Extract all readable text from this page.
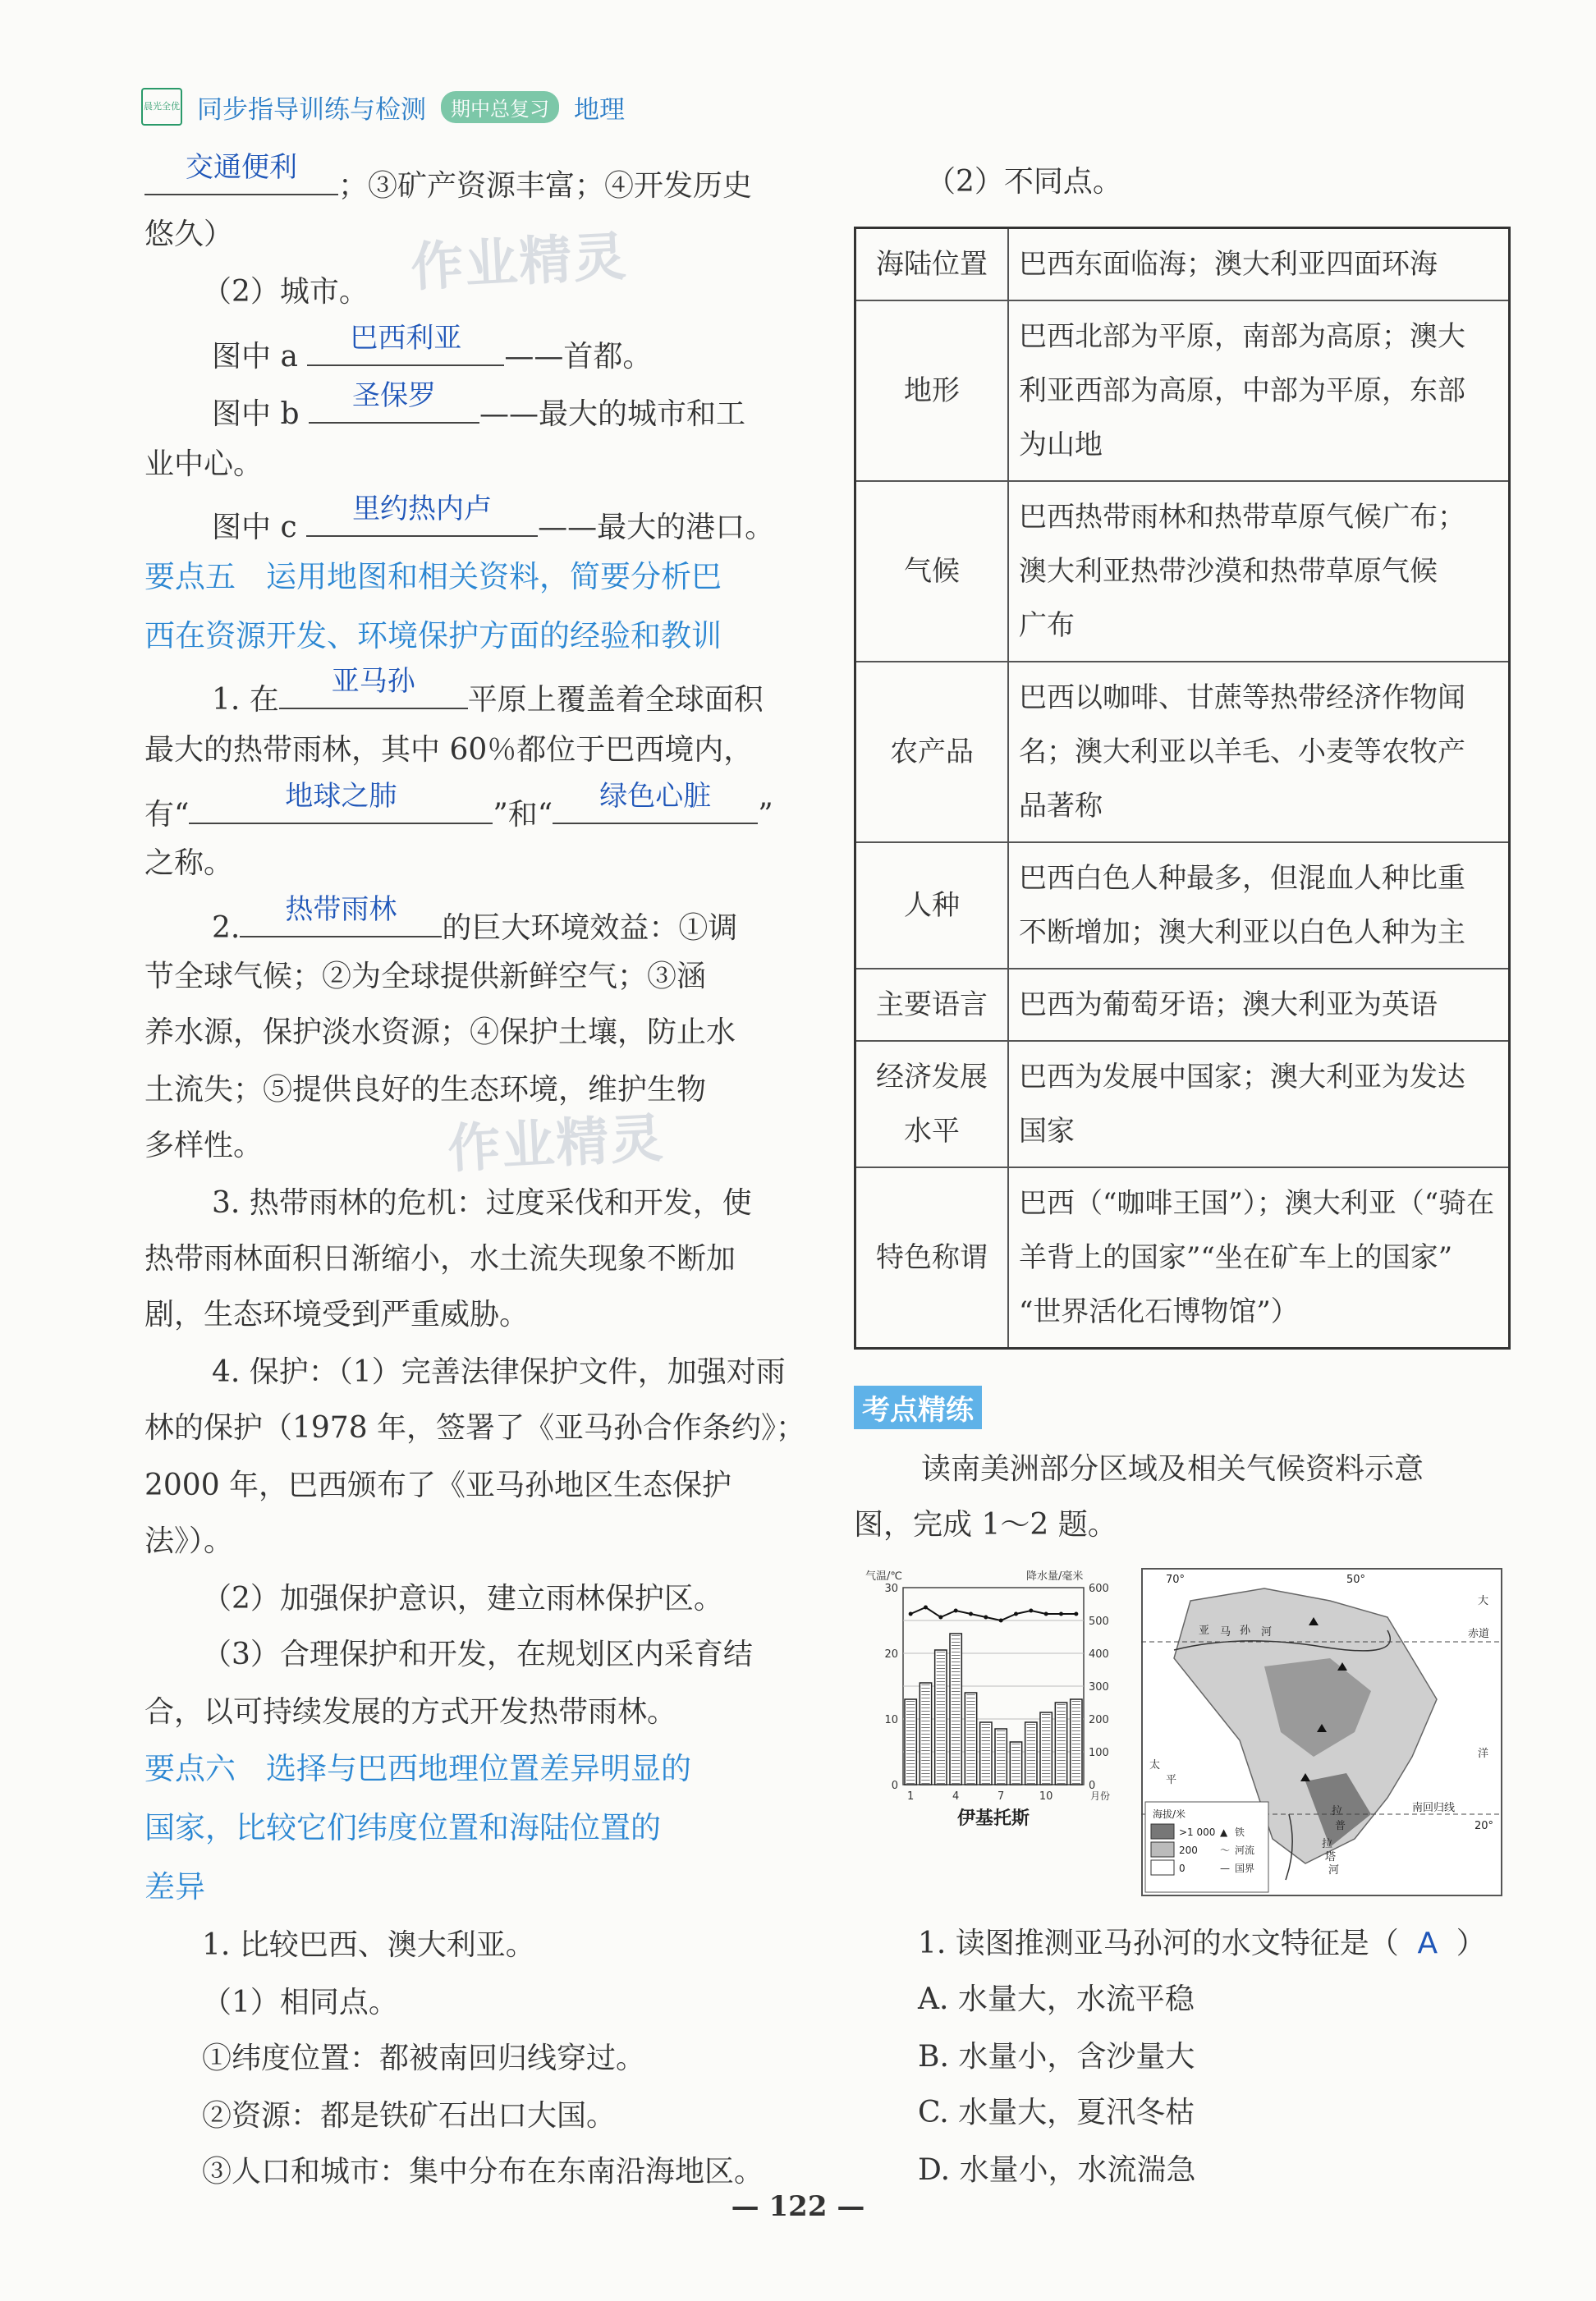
晨光全优 同步指导训练与检测	期中总复习 地理
作业精灵
作业精灵
交通便利
；③矿产资源丰富；④开发历史
悠久）
（2）城市。
图中 a
巴西利亚
——首都。
图中 b
圣保罗
——最大的城市和工
业中心。
图中 c
里约热内卢
——最大的港口。
要点五　运用地图和相关资料，简要分析巴
西在资源开发、环境保护方面的经验和教训
1. 在
亚马孙
平原上覆盖着全球面积
最大的热带雨林，其中 60％都位于巴西境内，
有“
地球之肺
”和“
绿色心脏
”
之称。
2.
热带雨林
的巨大环境效益：①调
节全球气候；②为全球提供新鲜空气；③涵
养水源，保护淡水资源；④保护土壤，防止水
土流失；⑤提供良好的生态环境，维护生物
多样性。
3. 热带雨林的危机：过度采伐和开发，使
热带雨林面积日渐缩小，水土流失现象不断加
剧，生态环境受到严重威胁。
4. 保护：（1）完善法律保护文件，加强对雨
林的保护（1978 年，签署了《亚马孙合作条约》；
2000 年，巴西颁布了《亚马孙地区生态保护
法》）。
（2）加强保护意识，建立雨林保护区。
（3）合理保护和开发，在规划区内采育结
合，以可持续发展的方式开发热带雨林。
要点六　选择与巴西地理位置差异明显的
国家，比较它们纬度位置和海陆位置的
差异
1. 比较巴西、澳大利亚。
（1）相同点。
①纬度位置：都被南回归线穿过。
②资源：都是铁矿石出口大国。
③人口和城市：集中分布在东南沿海地区。
（2）不同点。
海陆位置	巴西东面临海；澳大利亚四面环海
地形	巴西北部为平原，南部为高原；澳大
利亚西部为高原，中部为平原，东部
为山地
气候	巴西热带雨林和热带草原气候广布；
澳大利亚热带沙漠和热带草原气候
广布
农产品	巴西以咖啡、甘蔗等热带经济作物闻
名；澳大利亚以羊毛、小麦等农牧产
品著称
人种	巴西白色人种最多，但混血人种比重
不断增加；澳大利亚以白色人种为主
主要语言	巴西为葡萄牙语；澳大利亚为英语
经济发展
水平	巴西为发展中国家；澳大利亚为发达
国家
特色称谓	巴西（“咖啡王国”）；澳大利亚（“骑在
羊背上的国家”“坐在矿车上的国家”
“世界活化石博物馆”）
考点精练
读南美洲部分区域及相关气候资料示意
图，完成 1～2 题。
0
10
20
30
0
100
200
300
400
500
600
1	4	7	10	月份
气温/℃	降水量/毫米
伊基托斯
70°	50°
赤道
大
亚 马 孙 河
太
平
洋
拉
普
拉
塔
河
南回归线
20°
海拔/米
>1 000
200
0
▲ 铁
〜 河流
— 国界
1. 读图推测亚马孙河的水文特征是（ A ）
A. 水量大，水流平稳
B. 水量小，含沙量大
C. 水量大，夏汛冬枯
D. 水量小，水流湍急
— 122 —
